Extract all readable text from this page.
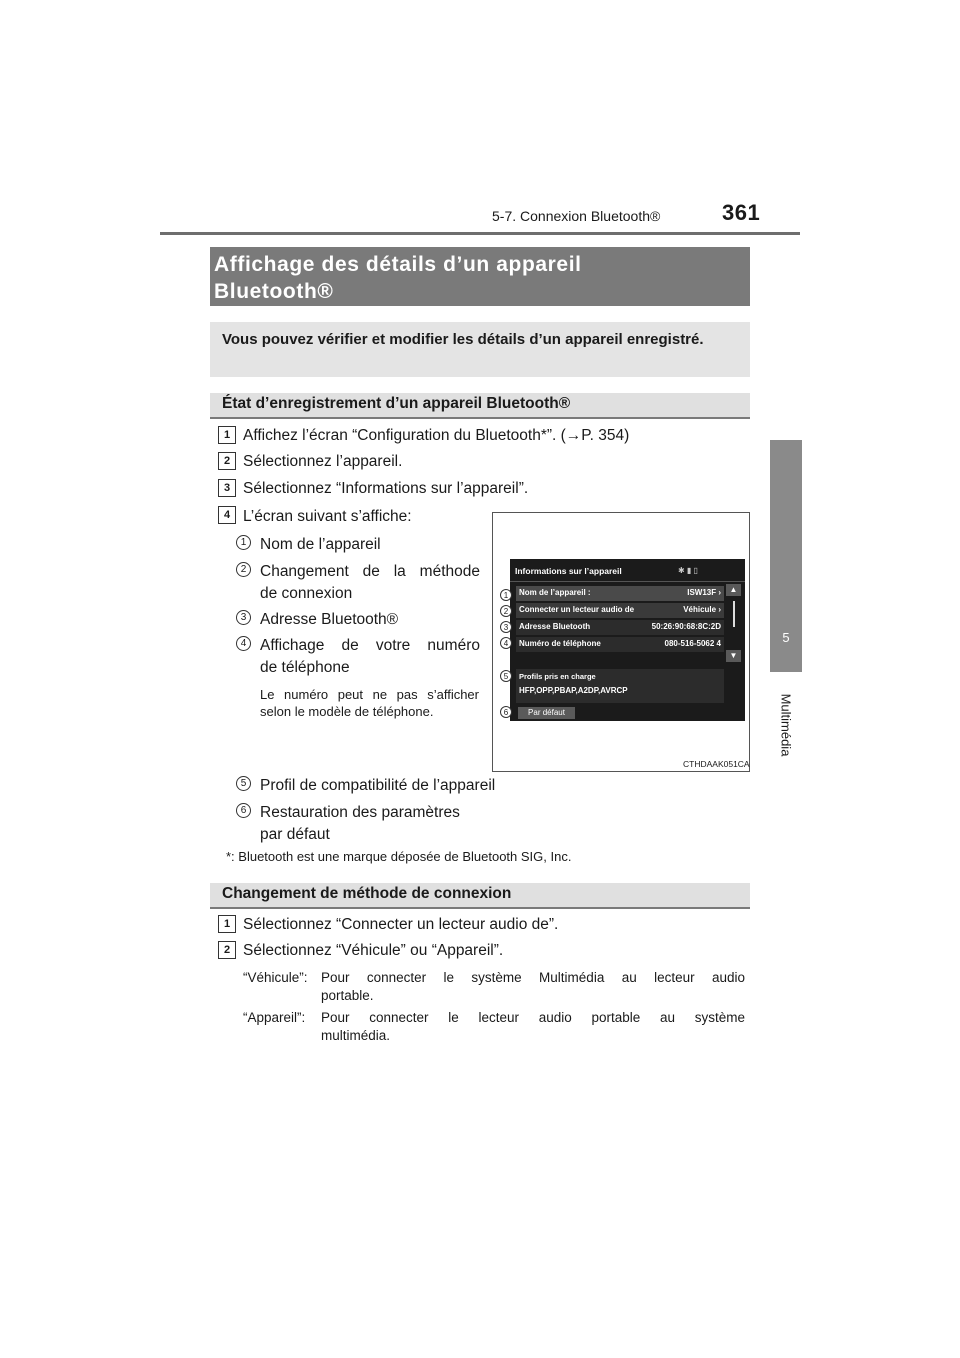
5-7. Connexion Bluetooth®	361
5
Multimédia
Affichage des détails d’un appareil
Bluetooth®
Vous pouvez vérifier et modifier les détails d’un appareil enregistré.
État d’enregistrement d’un appareil Bluetooth®
1 Affichez l’écran “Configuration du Bluetooth*”. (→P. 354)
2 Sélectionnez l’appareil.
3 Sélectionnez “Informations sur l’appareil”.
4 L’écran suivant s’affiche:
1 Nom de l’appareil
2 Changement de la méthode
de connexion
3 Adresse Bluetooth®
4 Affichage de votre numéro
de téléphone
Le numéro peut ne pas s’afficher selon le modèle de téléphone.
5 Profil de compatibilité de l’appareil
6 Restauration des paramètres
par défaut
*: Bluetooth est une marque déposée de Bluetooth SIG, Inc.
Informations sur l’appareil	✱ ▮ ▯
Nom de l’appareil :	ISW13F ›
Connecter un lecteur audio de	Véhicule ›
Adresse Bluetooth	50:26:90:68:8C:2D
Numéro de téléphone	080-516-5062 4
Profils pris en charge
HFP,OPP,PBAP,A2DP,AVRCP
Par défaut
▲
▼
1
2
3
4
5
6
CTHDAAK051CA
Changement de méthode de connexion
1 Sélectionnez “Connecter un lecteur audio de”.
2 Sélectionnez “Véhicule” ou “Appareil”.
“Véhicule”: Pour connecter le système Multimédia au lecteur audio
portable.
“Appareil”: Pour connecter le lecteur audio portable au système
multimédia.
